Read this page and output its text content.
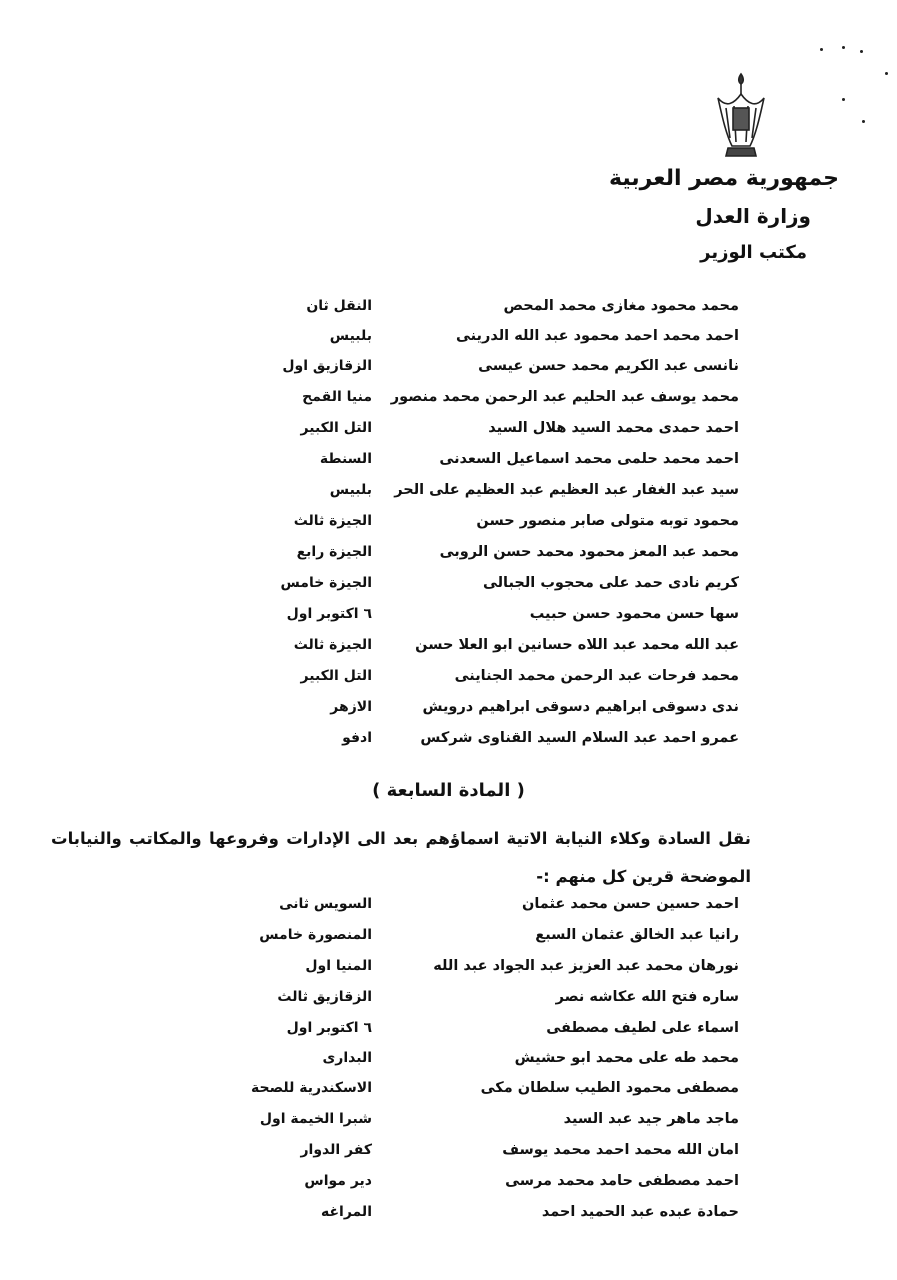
جمهورية مصر العربية
وزارة العدل
مكتب الوزير
محمد محمود مغازى محمد المحص
النقل ثان
احمد محمد احمد محمود عبد الله الدرينى
بلبيس
نانسى عبد الكريم محمد حسن عيسى
الزقازيق اول
محمد يوسف عبد الحليم عبد الرحمن محمد منصور
منيا القمح
احمد حمدى محمد السيد هلال السيد
التل الكبير
احمد محمد حلمى محمد اسماعيل السعدنى
السنطة
سيد عبد الغفار عبد العظيم عبد العظيم على الحر
بلبيس
محمود توبه متولى صابر منصور حسن
الجيزة ثالث
محمد عبد المعز محمود محمد حسن الروبى
الجيزة رابع
كريم نادى حمد على محجوب الجبالى
الجيزة خامس
سها حسن محمود حسن حبيب
٦ اكتوبر اول
عبد الله محمد عبد اللاه حسانين ابو العلا حسن
الجيزة ثالث
محمد فرحات عبد الرحمن محمد الجناينى
التل الكبير
ندى دسوقى ابراهيم دسوقى ابراهيم درويش
الازهر
عمرو احمد عبد السلام السيد القناوى شركس
ادفو
( المادة السابعة )
نقل السادة وكلاء النيابة الاتية اسماؤهم بعد الى الإدارات وفروعها والمكاتب والنيابات الموضحة قرين كل منهم :-
احمد حسين حسن محمد عثمان
السويس ثانى
رانيا عبد الخالق عثمان السبع
المنصورة خامس
نورهان محمد عبد العزيز عبد الجواد عبد الله
المنيا اول
ساره فتح الله عكاشه نصر
الزقازيق ثالث
اسماء على لطيف مصطفى
٦ اكتوبر اول
محمد طه على محمد ابو حشيش
البدارى
مصطفى محمود الطيب سلطان مكى
الاسكندرية للصحة
ماجد ماهر جيد عبد السيد
شبرا الخيمة اول
امان الله محمد احمد محمد يوسف
كفر الدوار
احمد مصطفى حامد محمد مرسى
دير مواس
حمادة عبده عبد الحميد احمد
المراغه
